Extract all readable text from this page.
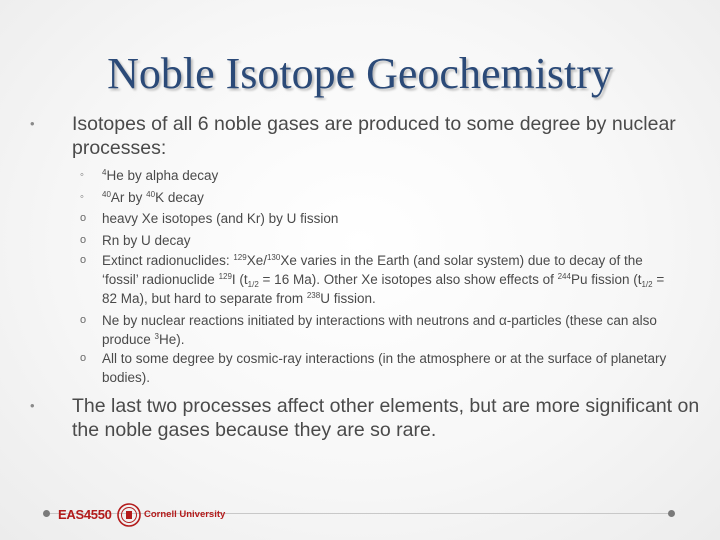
Noble Isotope Geochemistry
• Isotopes of all 6 noble gases are produced to some degree by nuclear processes:
◦ $^4$He by alpha decay
◦ $^{40}$Ar by $^{40}$K decay
o heavy Xe isotopes (and Kr) by U fission
o Rn by U decay
o Extinct radionuclides: $^{129}$Xe/$^{130}$Xe varies in the Earth (and solar system) due to decay of the ‘fossil’ radionuclide $^{129}$I ($t_{1/2} = 16$ Ma). Other Xe isotopes also show effects of $^{244}$Pu fission ($t_{1/2} = 82$ Ma), but hard to separate from $^{238}$U fission.
o Ne by nuclear reactions initiated by interactions with neutrons and α-particles (these can also produce $^3$He).
o All to some degree by cosmic-ray interactions (in the atmosphere or at the surface of planetary bodies).
• The last two processes affect other elements, but are more significant on the noble gases because they are so rare.
EAS4550	Cornell University
